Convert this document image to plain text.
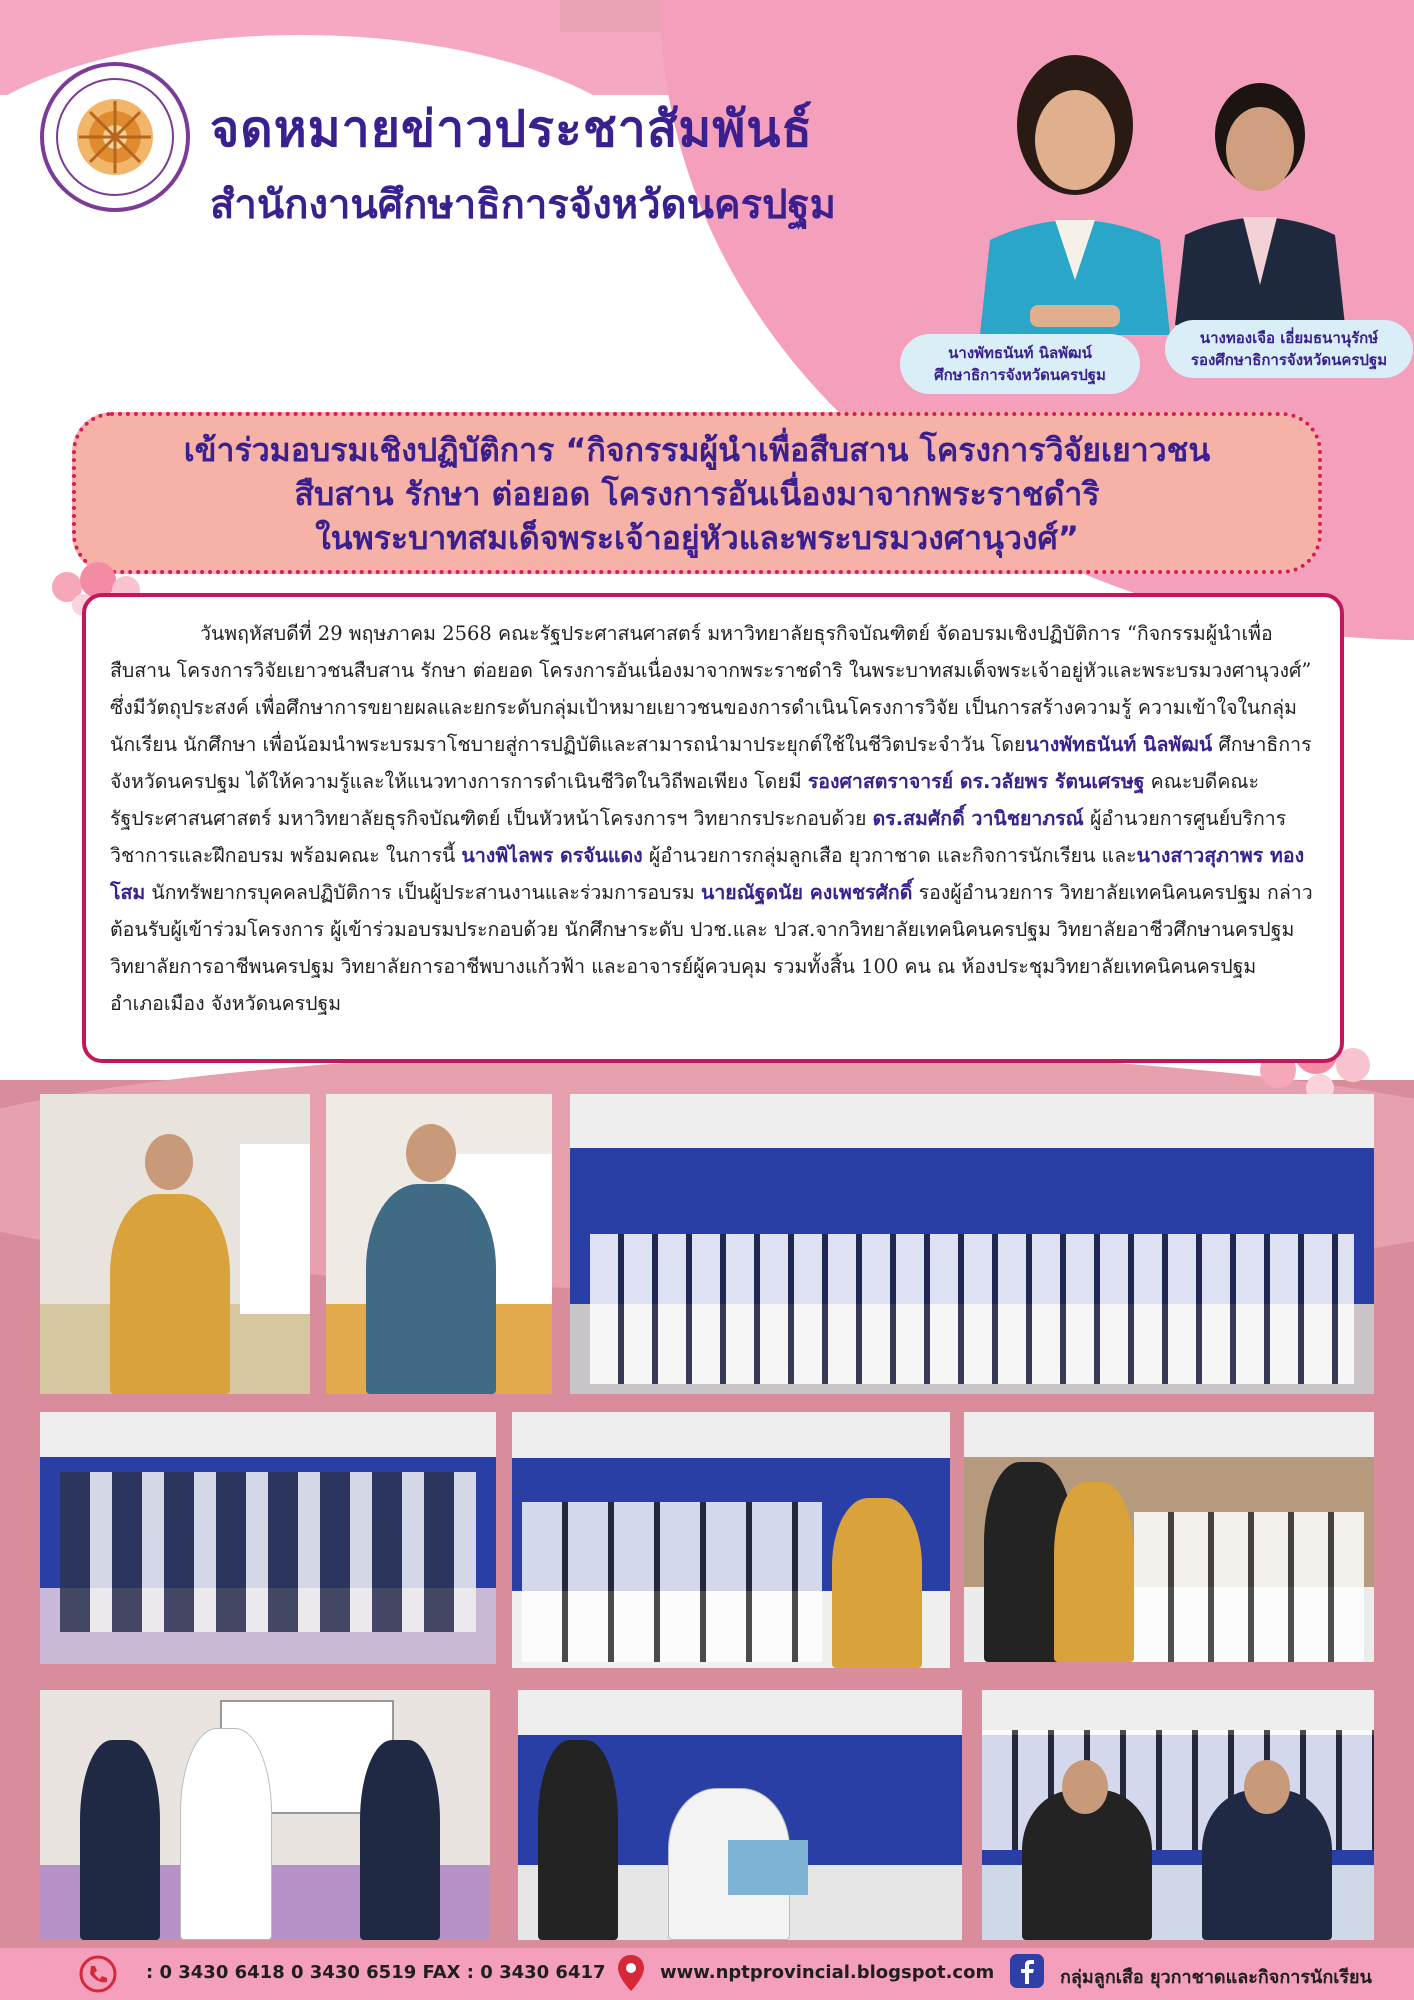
จดหมายข่าวประชาสัมพันธ์
สำนักงานศึกษาธิการจังหวัดนครปฐม
นางพัทธนันท์ นิลพัฒน์
ศึกษาธิการจังหวัดนครปฐม
นางทองเจือ เอี่ยมธนานุรักษ์
รองศึกษาธิการจังหวัดนครปฐม

เข้าร่วมอบรมเชิงปฏิบัติการ “กิจกรรมผู้นำเพื่อสืบสาน โครงการวิจัยเยาวชน

สืบสาน รักษา ต่อยอด โครงการอันเนื่องมาจากพระราชดำริ

ในพระบาทสมเด็จพระเจ้าอยู่หัวและพระบรมวงศานุวงศ์”

วันพฤหัสบดีที่ 29 พฤษภาคม 2568 คณะรัฐประศาสนศาสตร์ มหาวิทยาลัยธุรกิจบัณฑิตย์ จัดอบรมเชิงปฏิบัติการ “กิจกรรมผู้นำเพื่อสืบสาน โครงการวิจัยเยาวชนสืบสาน รักษา ต่อยอด โครงการอันเนื่องมาจากพระราชดำริ ในพระบาทสมเด็จพระเจ้าอยู่หัวและพระบรมวงศานุวงศ์” ซึ่งมีวัตถุประสงค์ เพื่อศึกษาการขยายผลและยกระดับกลุ่มเป้าหมายเยาวชนของการดำเนินโครงการวิจัย เป็นการสร้างความรู้ ความเข้าใจในกลุ่มนักเรียน นักศึกษา เพื่อน้อมนำพระบรมราโชบายสู่การปฏิบัติและสามารถนำมาประยุกต์ใช้ในชีวิตประจำวัน โดยนางพัทธนันท์ นิลพัฒน์ ศึกษาธิการจังหวัดนครปฐม ได้ให้ความรู้และให้แนวทางการการดำเนินชีวิตในวิถีพอเพียง โดยมี รองศาสตราจารย์ ดร.วลัยพร รัตนเศรษฐ คณะบดีคณะรัฐประศาสนศาสตร์ มหาวิทยาลัยธุรกิจบัณฑิตย์ เป็นหัวหน้าโครงการฯ วิทยากรประกอบด้วย ดร.สมศักดิ์ วานิชยาภรณ์ ผู้อำนวยการศูนย์บริการวิชาการและฝึกอบรม พร้อมคณะ ในการนี้ นางพิไลพร ดรจันแดง ผู้อำนวยการกลุ่มลูกเสือ ยุวกาชาด และกิจการนักเรียน และนางสาวสุภาพร ทองโสม นักทรัพยากรบุคคลปฏิบัติการ เป็นผู้ประสานงานและร่วมการอบรม นายณัฐดนัย คงเพชรศักดิ์ รองผู้อำนวยการ วิทยาลัยเทคนิคนครปฐม กล่าวต้อนรับผู้เข้าร่วมโครงการ ผู้เข้าร่วมอบรมประกอบด้วย นักศึกษาระดับ ปวช.และ ปวส.จากวิทยาลัยเทคนิคนครปฐม วิทยาลัยอาชีวศึกษานครปฐม วิทยาลัยการอาชีพนครปฐม วิทยาลัยการอาชีพบางแก้วฟ้า และอาจารย์ผู้ควบคุม รวมทั้งสิ้น 100 คน ณ ห้องประชุมวิทยาลัยเทคนิคนครปฐม อำเภอเมือง จังหวัดนครปฐม

: 0 3430 6418 0 3430 6519 FAX : 0 3430 6417	www.nptprovincial.blogspot.com	กลุ่มลูกเสือ ยุวกาชาดและกิจการนักเรียน
